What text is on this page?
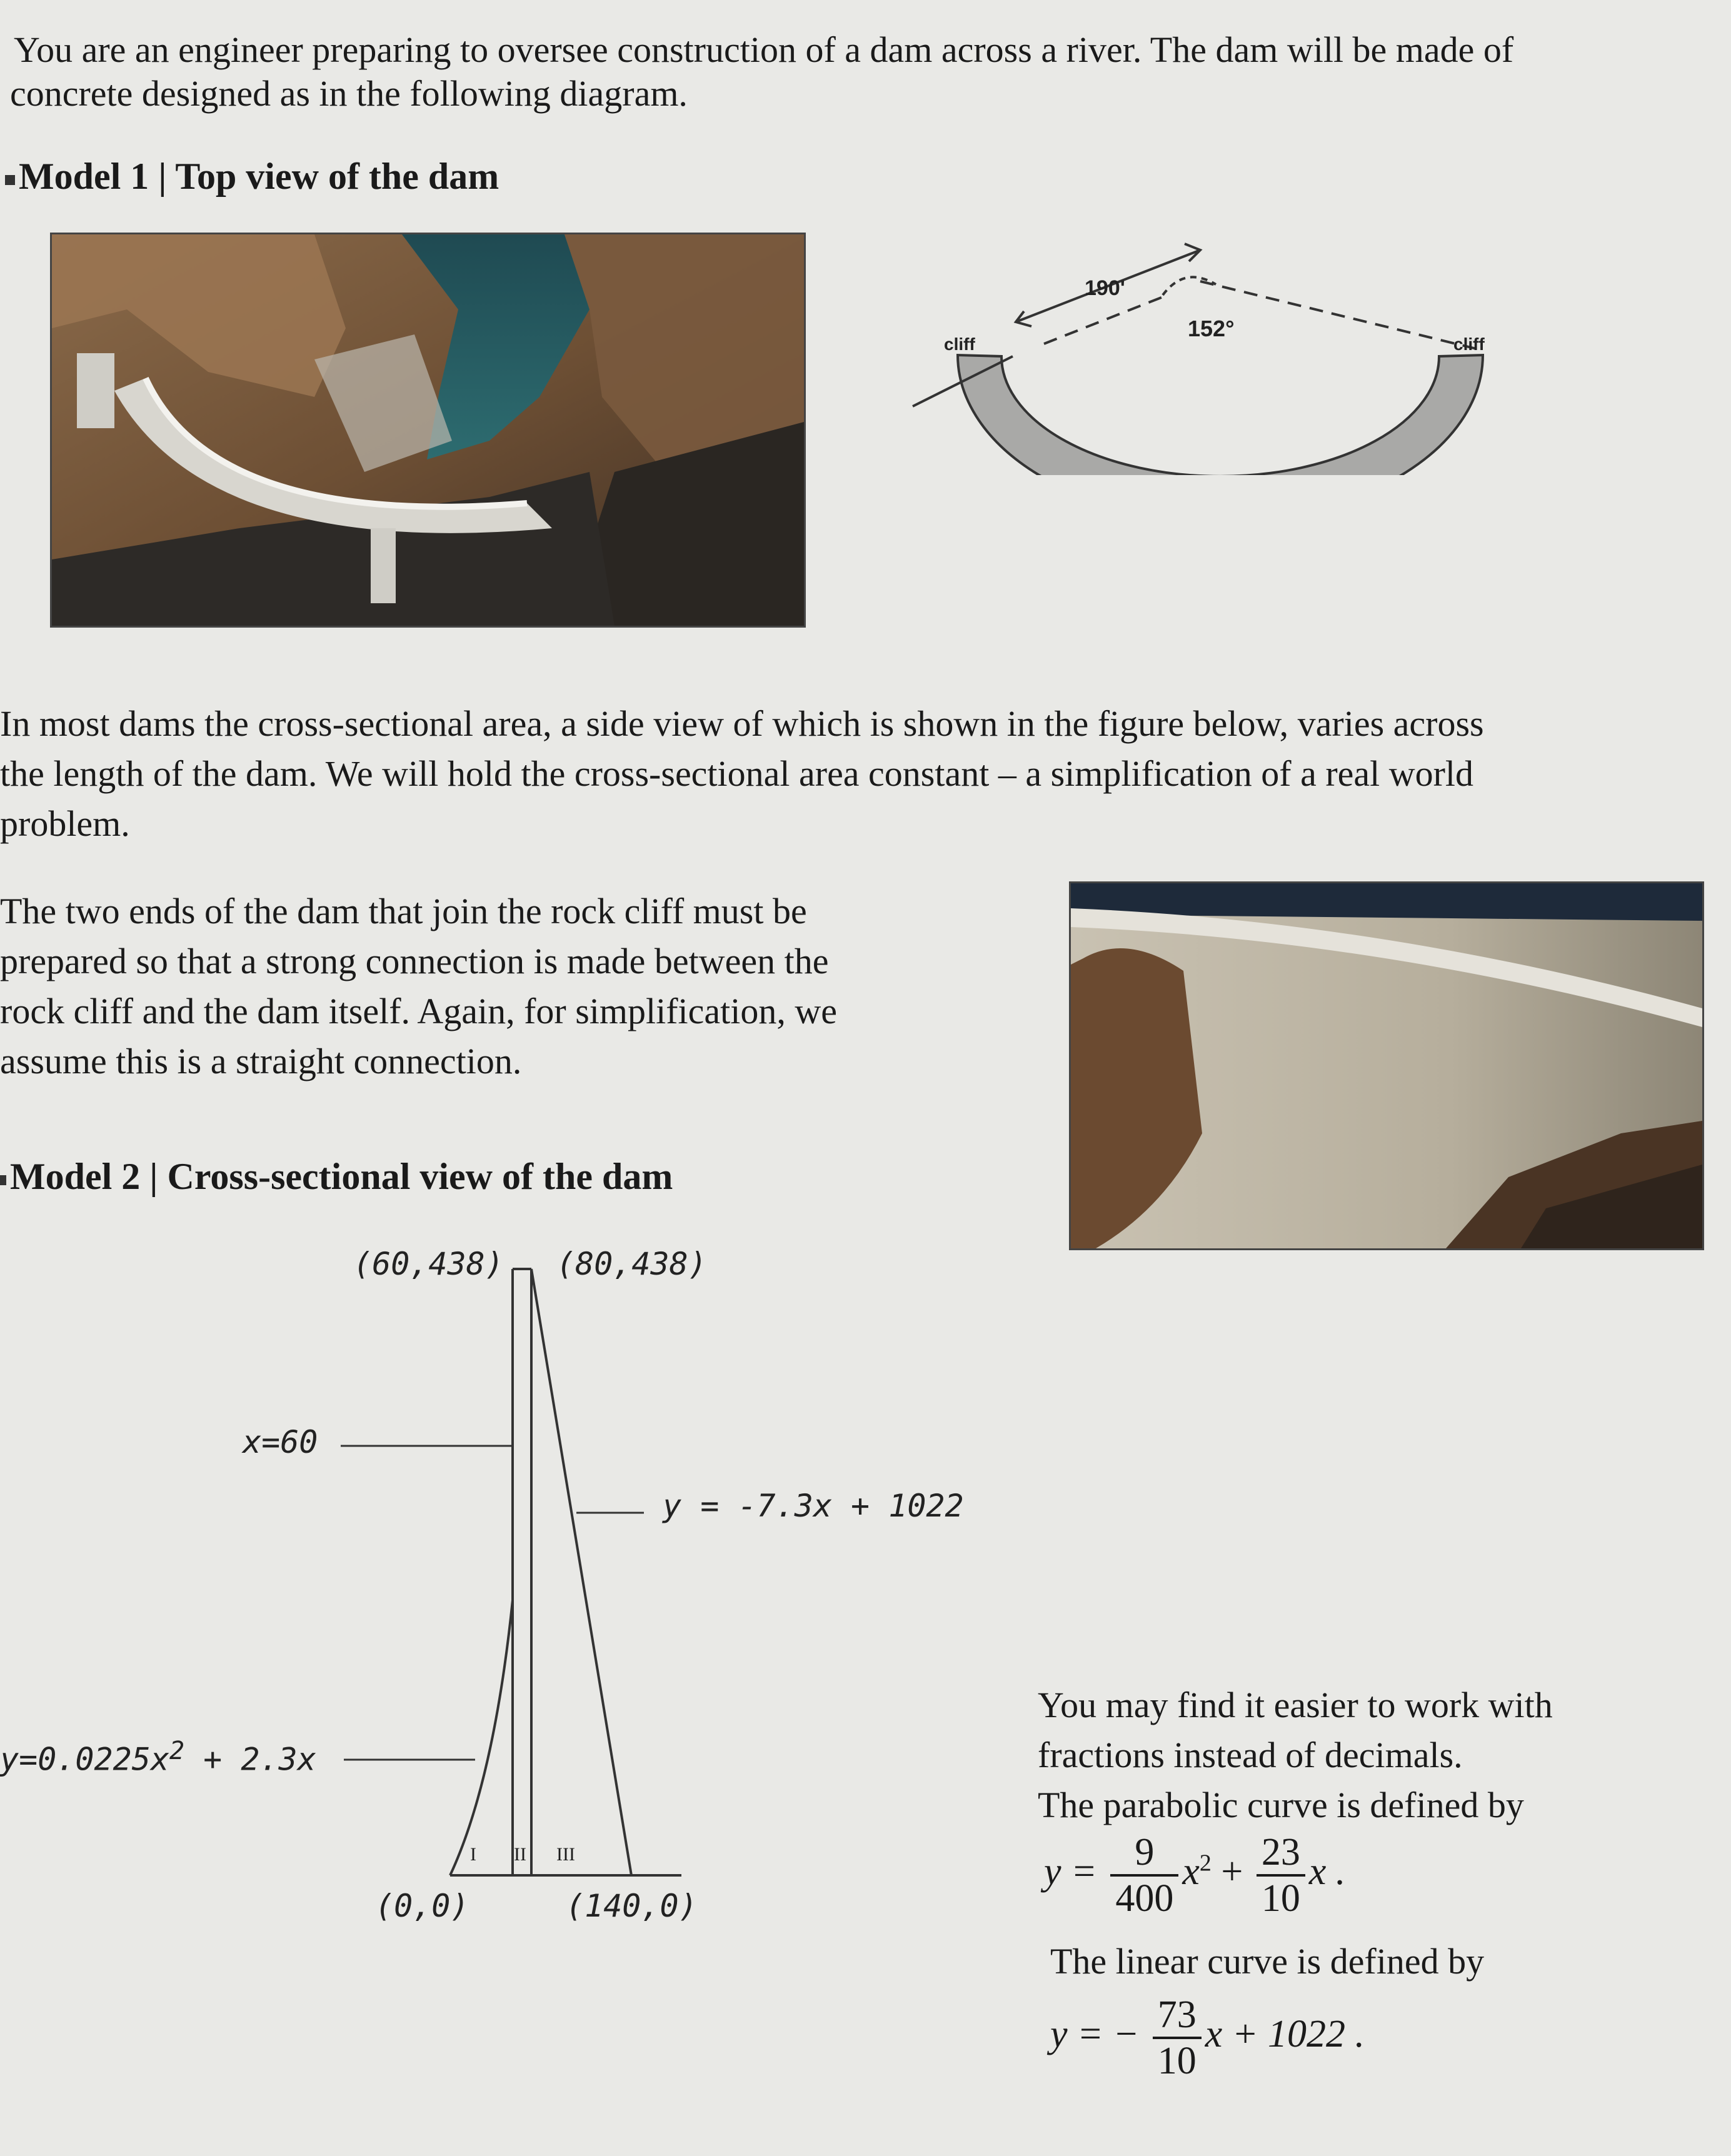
You are an engineer preparing to oversee construction of a dam across a river. The dam will be made of
concrete designed as in the following diagram.
Model 1 | Top view of the dam
190'
152°
cliff	cliff
In most dams the cross-sectional area, a side view of which is shown in the figure below, varies across
the length of the dam. We will hold the cross-sectional area constant – a simplification of a real world
problem.
The two ends of the dam that join the rock cliff must be
prepared so that a strong connection is made between the
rock cliff and the dam itself. Again, for simplification, we
assume this is a straight connection.
Model 2 | Cross-sectional view of the dam
(60,438) (80,438)
x=60
y = -7.3x + 1022
$y=0.0225x^2 + 2.3x$
(0,0)	(140,0)
I II III
You may find it easier to work with
fractions instead of decimals.
The parabolic curve is defined by
$y = \frac{9}{400} x^2 + \frac{23}{10}$ x .
The linear curve is defined by
y = − $\frac{73}{10}$ x + 1022 .
